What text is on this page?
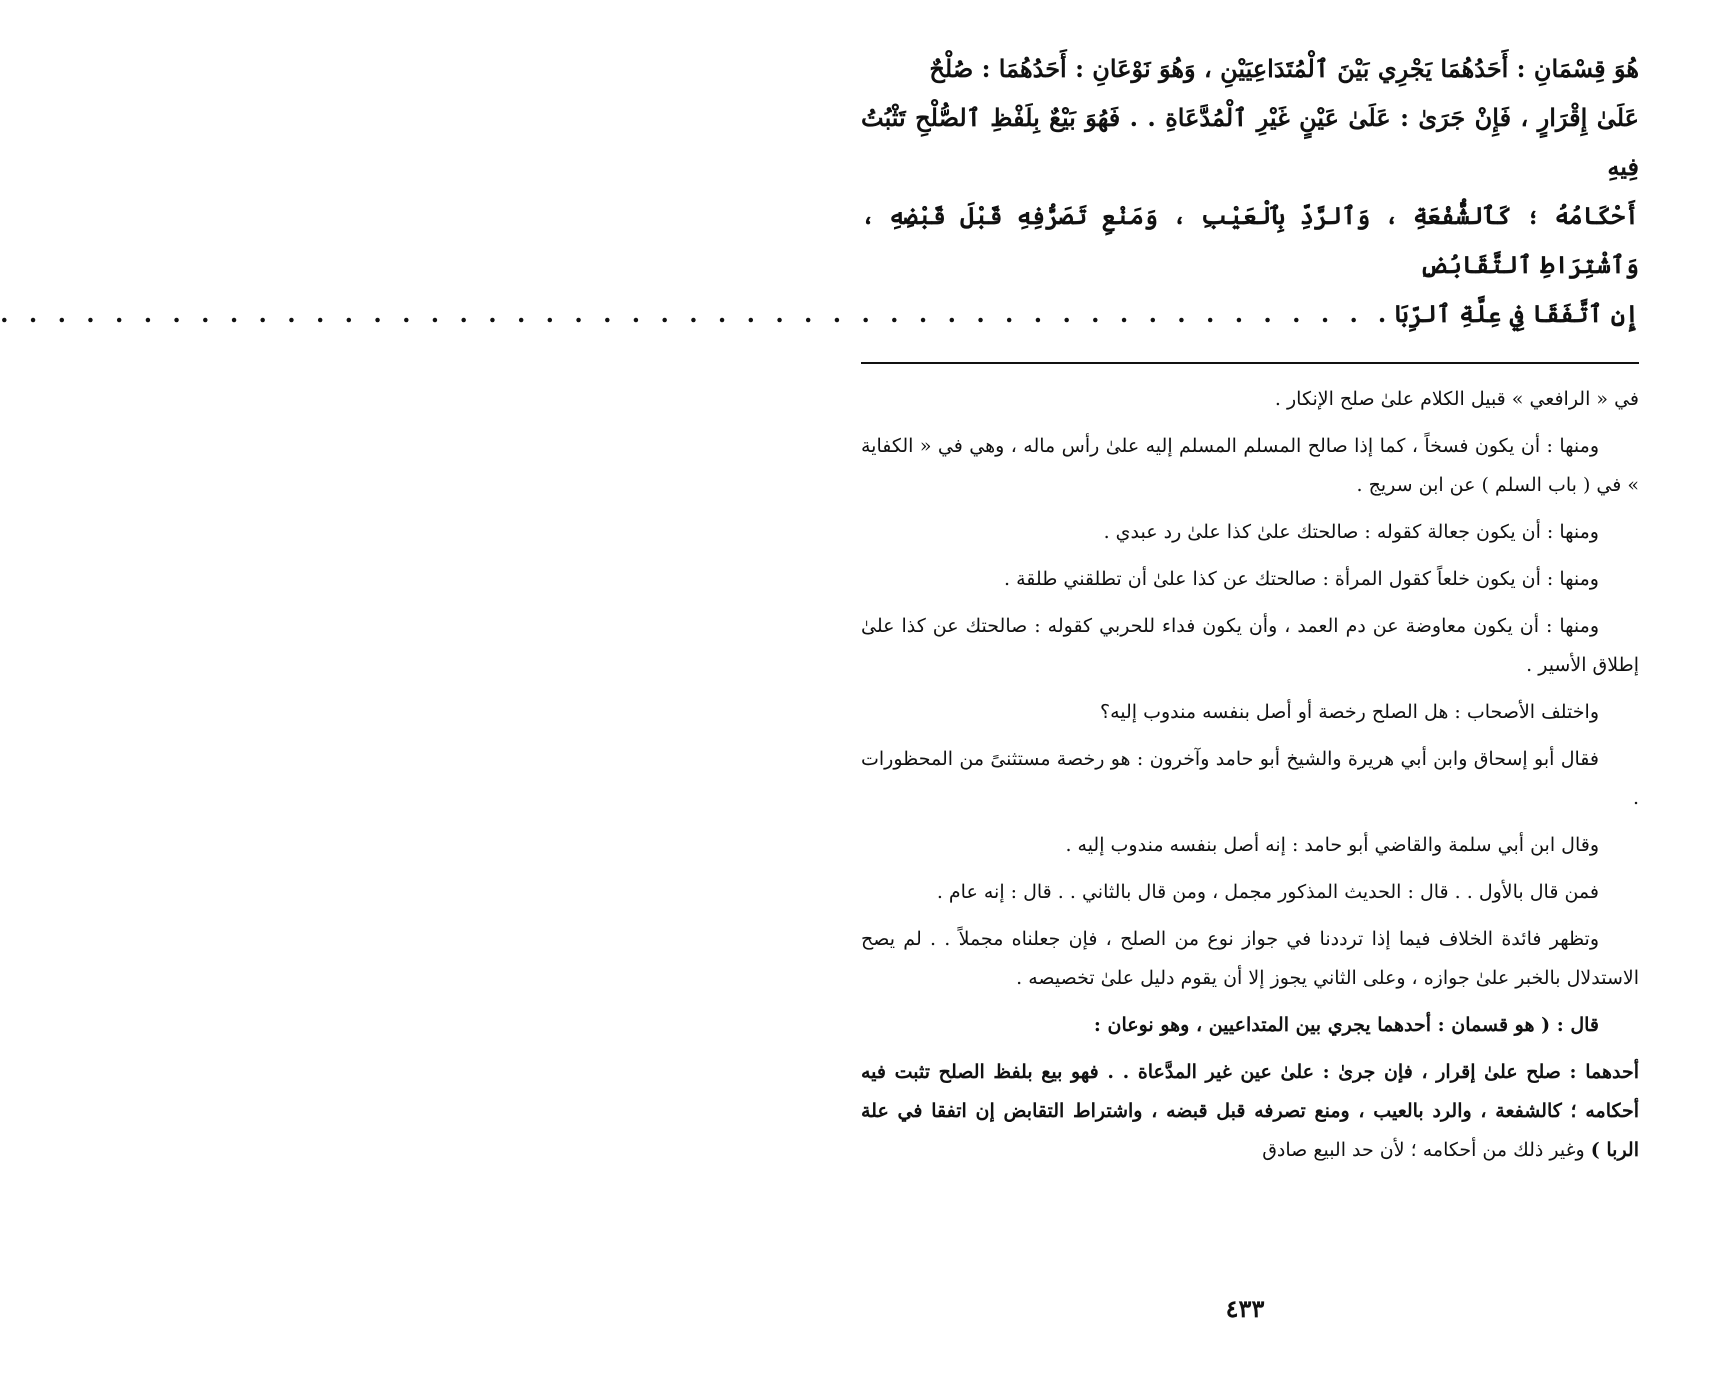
هُوَ قِسْمَانِ : أَحَدُهُمَا يَجْرِي بَيْنَ ٱلْمُتَدَاعِيَيْنِ ، وَهُوَ نَوْعَانِ : أَحَدُهُمَا : صُلْحٌ

عَلَىٰ إِقْرَارٍ ، فَإِنْ جَرَىٰ : عَلَىٰ عَيْنٍ غَيْرِ ٱلْمُدَّعَاةِ . . فَهُوَ بَيْعٌ بِلَفْظِ ٱلصُّلْحِ تَثْبُتُ فِيهِ

أَحْكَامُهُ ؛ كَٱلشُّفْعَةِ ، وَٱلرَّدِّ بِٱلْعَيْبِ ، وَمَنْعِ تَصَرُّفِهِ قَبْلَ قَبْضِهِ ، وَٱشْتِرَاطِ ٱلتَّقَابُضِ

إِنِ ٱتَّفَقَا فِي عِلَّةِ ٱلرِّبَا .
. . . . . . . . . . . . . . . . . . . . . . . . . . . . . . . . . . . . . . . . . . . . . . . .

في « الرافعي » قبيل الكلام علىٰ صلح الإنكار .

ومنها : أن يكون فسخاً ، كما إذا صالح المسلم المسلم إليه علىٰ رأس ماله ، وهي في « الكفاية » في ( باب السلم ) عن ابن سريج .

ومنها : أن يكون جعالة كقوله : صالحتك علىٰ كذا علىٰ رد عبدي .

ومنها : أن يكون خلعاً كقول المرأة : صالحتك عن كذا علىٰ أن تطلقني طلقة .

ومنها : أن يكون معاوضة عن دم العمد ، وأن يكون فداء للحربي كقوله : صالحتك عن كذا علىٰ إطلاق الأسير .

واختلف الأصحاب : هل الصلح رخصة أو أصل بنفسه مندوب إليه؟

فقال أبو إسحاق وابن أبي هريرة والشيخ أبو حامد وآخرون : هو رخصة مستثنىً من المحظورات .

وقال ابن أبي سلمة والقاضي أبو حامد : إنه أصل بنفسه مندوب إليه .

فمن قال بالأول . . قال : الحديث المذكور مجمل ، ومن قال بالثاني . . قال : إنه عام .

وتظهر فائدة الخلاف فيما إذا ترددنا في جواز نوع من الصلح ، فإن جعلناه مجملاً . . لم يصح الاستدلال بالخبر علىٰ جوازه ، وعلى الثاني يجوز إلا أن يقوم دليل علىٰ تخصيصه .

قال : ( هو قسمان : أحدهما يجري بين المتداعيين ، وهو نوعان :

أحدهما : صلح علىٰ إقرار ، فإن جرىٰ : علىٰ عين غير المدَّعاة . . فهو بيع بلفظ الصلح تثبت فيه أحكامه ؛ كالشفعة ، والرد بالعيب ، ومنع تصرفه قبل قبضه ، واشتراط التقابض إن اتفقا في علة الربا ) وغير ذلك من أحكامه ؛ لأن حد البيع صادق

٤٣٣
